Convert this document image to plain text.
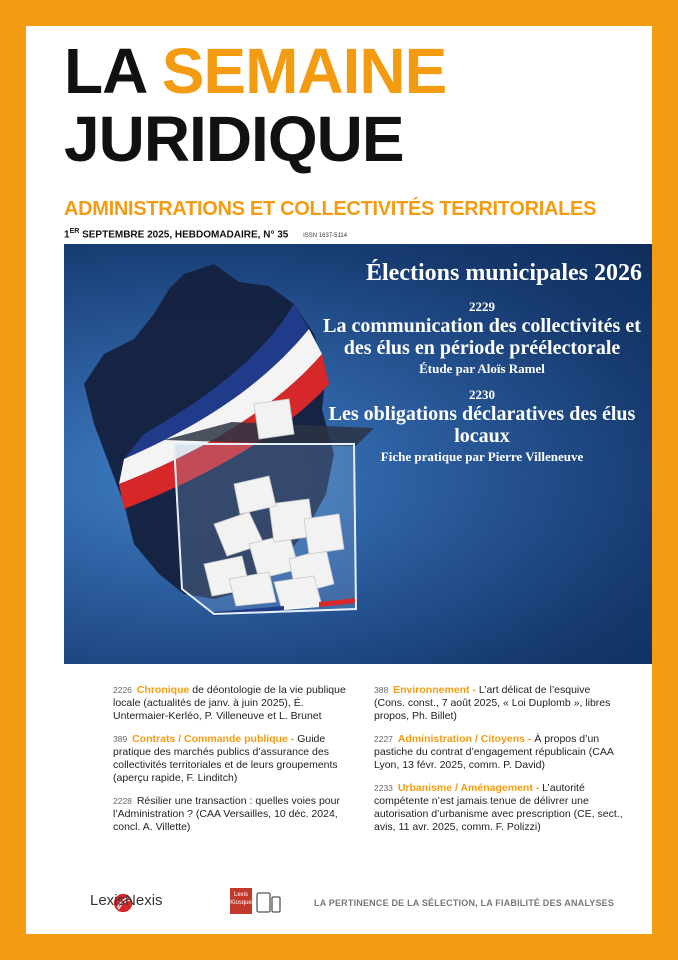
LA SEMAINE
JURIDIQUE
ADMINISTRATIONS ET COLLECTIVITÉS TERRITORIALES
1ER SEPTEMBRE 2025, HEBDOMADAIRE, N° 35 ISSN 1637-5114
Élections municipales 2026
2229
La communication des collectivités et des élus en période préélectorale
Étude par Aloïs Ramel
2230
Les obligations déclaratives des élus locaux
Fiche pratique par Pierre Villeneuve
2226 Chronique de déontologie de la vie publique locale (actualités de janv. à juin 2025), É. Untermaier-Kerléo, P. Villeneuve et L. Brunet
389 Contrats / Commande publique - Guide pratique des marchés publics d’assurance des collectivités territoriales et de leurs groupements (aperçu rapide, F. Linditch)
2228 Résilier une transaction : quelles voies pour l’Administration ? (CAA Versailles, 10 déc. 2024, concl. A. Villette)
388 Environnement - L’art délicat de l’esquive (Cons. const., 7 août 2025, « Loi Duplomb », libres propos, Ph. Billet)
2227 Administration / Citoyens - À propos d’un pastiche du contrat d’engagement républicain (CAA Lyon, 13 févr. 2025, comm. P. David)
2233 Urbanisme / Aménagement - L’autorité compétente n’est jamais tenue de délivrer une autorisation d’urbanisme avec prescription (CE, sect., avis, 11 avr. 2025, comm. F. Polizzi)
LexisNexis	Lexis
Kiosque	LA PERTINENCE DE LA SÉLECTION, LA FIABILITÉ DES ANALYSES
